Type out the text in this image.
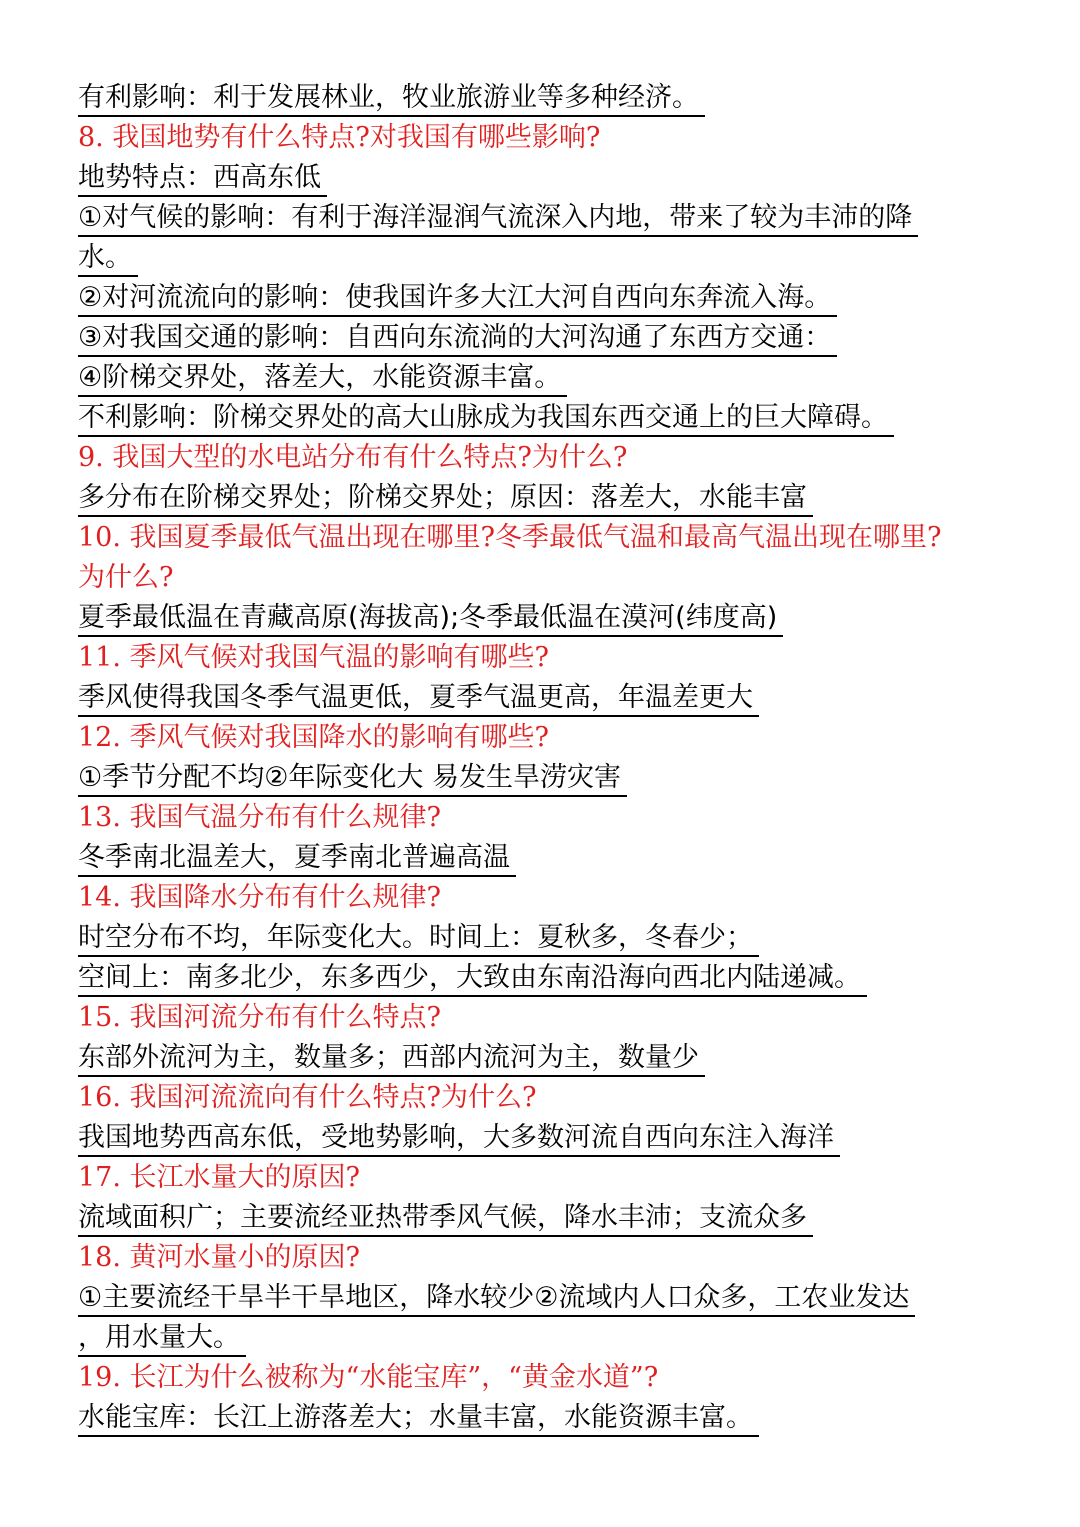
有利影响：利于发展林业，牧业旅游业等多种经济。
8. 我国地势有什么特点?对我国有哪些影响?
地势特点：西高东低
①对气候的影响：有利于海洋湿润气流深入内地，带来了较为丰沛的降
水。
②对河流流向的影响：使我国许多大江大河自西向东奔流入海。
③对我国交通的影响：自西向东流淌的大河沟通了东西方交通：
④阶梯交界处，落差大，水能资源丰富。
不利影响：阶梯交界处的高大山脉成为我国东西交通上的巨大障碍。
9. 我国大型的水电站分布有什么特点?为什么?
多分布在阶梯交界处；阶梯交界处；原因：落差大，水能丰富
10. 我国夏季最低气温出现在哪里?冬季最低气温和最高气温出现在哪里?
为什么?
夏季最低温在青藏高原(海拔高);冬季最低温在漠河(纬度高)
11. 季风气候对我国气温的影响有哪些?
季风使得我国冬季气温更低，夏季气温更高，年温差更大
12. 季风气候对我国降水的影响有哪些?
①季节分配不均②年际变化大 易发生旱涝灾害
13. 我国气温分布有什么规律?
冬季南北温差大，夏季南北普遍高温
14. 我国降水分布有什么规律?
时空分布不均，年际变化大。时间上：夏秋多，冬春少；
空间上：南多北少，东多西少，大致由东南沿海向西北内陆递减。
15. 我国河流分布有什么特点?
东部外流河为主，数量多；西部内流河为主，数量少
16. 我国河流流向有什么特点?为什么?
我国地势西高东低，受地势影响，大多数河流自西向东注入海洋
17. 长江水量大的原因?
流域面积广；主要流经亚热带季风气候，降水丰沛；支流众多
18. 黄河水量小的原因?
①主要流经干旱半干旱地区，降水较少②流域内人口众多，工农业发达
，用水量大。
19. 长江为什么被称为“水能宝库”，“黄金水道”?
水能宝库：长江上游落差大；水量丰富，水能资源丰富。
